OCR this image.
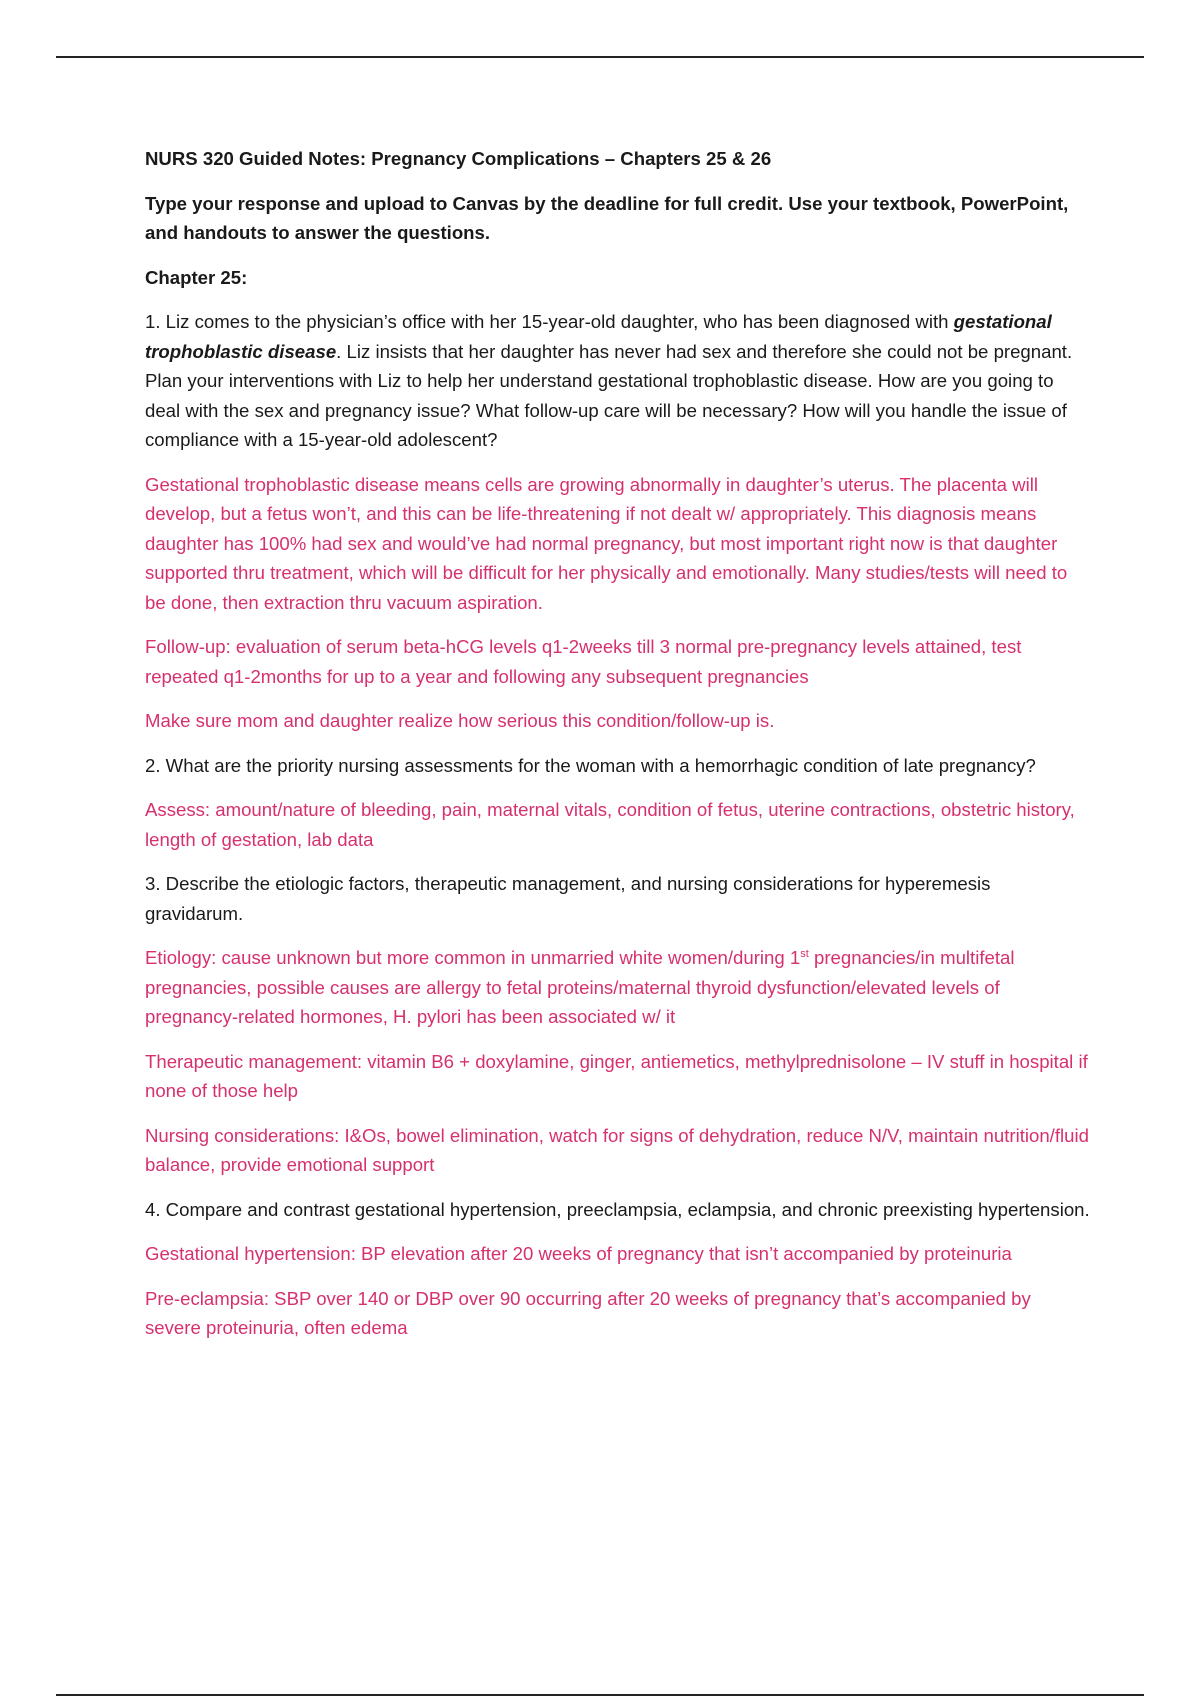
NURS 320 Guided Notes: Pregnancy Complications – Chapters 25 & 26

Type your response and upload to Canvas by the deadline for full credit. Use your textbook, PowerPoint, and handouts to answer the questions.

Chapter 25:

1. Liz comes to the physician’s office with her 15-year-old daughter, who has been diagnosed with gestational trophoblastic disease. Liz insists that her daughter has never had sex and therefore she could not be pregnant. Plan your interventions with Liz to help her understand gestational trophoblastic disease. How are you going to deal with the sex and pregnancy issue? What follow-up care will be necessary? How will you handle the issue of compliance with a 15-year-old adolescent?

Gestational trophoblastic disease means cells are growing abnormally in daughter’s uterus. The placenta will develop, but a fetus won’t, and this can be life-threatening if not dealt w/ appropriately. This diagnosis means daughter has 100% had sex and would’ve had normal pregnancy, but most important right now is that daughter supported thru treatment, which will be difficult for her physically and emotionally. Many studies/tests will need to be done, then extraction thru vacuum aspiration.

Follow-up: evaluation of serum beta-hCG levels q1-2weeks till 3 normal pre-pregnancy levels attained, test repeated q1-2months for up to a year and following any subsequent pregnancies

Make sure mom and daughter realize how serious this condition/follow-up is.

2. What are the priority nursing assessments for the woman with a hemorrhagic condition of late pregnancy?

Assess: amount/nature of bleeding, pain, maternal vitals, condition of fetus, uterine contractions, obstetric history, length of gestation, lab data

3. Describe the etiologic factors, therapeutic management, and nursing considerations for hyperemesis gravidarum.

Etiology: cause unknown but more common in unmarried white women/during 1st pregnancies/in multifetal pregnancies, possible causes are allergy to fetal proteins/maternal thyroid dysfunction/elevated levels of pregnancy-related hormones, H. pylori has been associated w/ it

Therapeutic management: vitamin B6 + doxylamine, ginger, antiemetics, methylprednisolone – IV stuff in hospital if none of those help

Nursing considerations: I&Os, bowel elimination, watch for signs of dehydration, reduce N/V, maintain nutrition/fluid balance, provide emotional support

4. Compare and contrast gestational hypertension, preeclampsia, eclampsia, and chronic preexisting hypertension.

Gestational hypertension: BP elevation after 20 weeks of pregnancy that isn’t accompanied by proteinuria

Pre-eclampsia: SBP over 140 or DBP over 90 occurring after 20 weeks of pregnancy that’s accompanied by severe proteinuria, often edema
